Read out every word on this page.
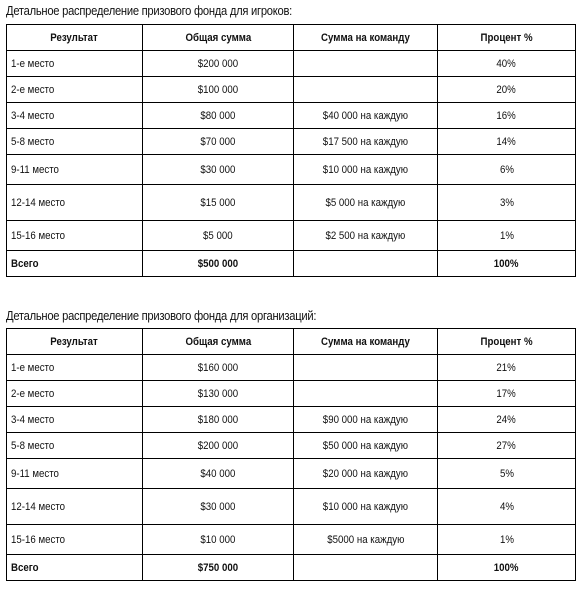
Детальное распределение призового фонда для игроков:
Результат	Общая сумма	Сумма на команду	Процент %
1-е место	$200 000		40%
2-е место	$100 000		20%
3-4 место	$80 000	$40 000 на каждую	16%
5-8 место	$70 000	$17 500 на каждую	14%
9-11 место	$30 000	$10 000 на каждую	6%
12-14 место	$15 000	$5 000 на каждую	3%
15-16 место	$5 000	$2 500 на каждую	1%
Всего	$500 000		100%
Детальное распределение призового фонда для организаций:
Результат	Общая сумма	Сумма на команду	Процент %
1-е место	$160 000		21%
2-е место	$130 000		17%
3-4 место	$180 000	$90 000 на каждую	24%
5-8 место	$200 000	$50 000 на каждую	27%
9-11 место	$40 000	$20 000 на каждую	5%
12-14 место	$30 000	$10 000 на каждую	4%
15-16 место	$10 000	$5000 на каждую	1%
Всего	$750 000		100%
